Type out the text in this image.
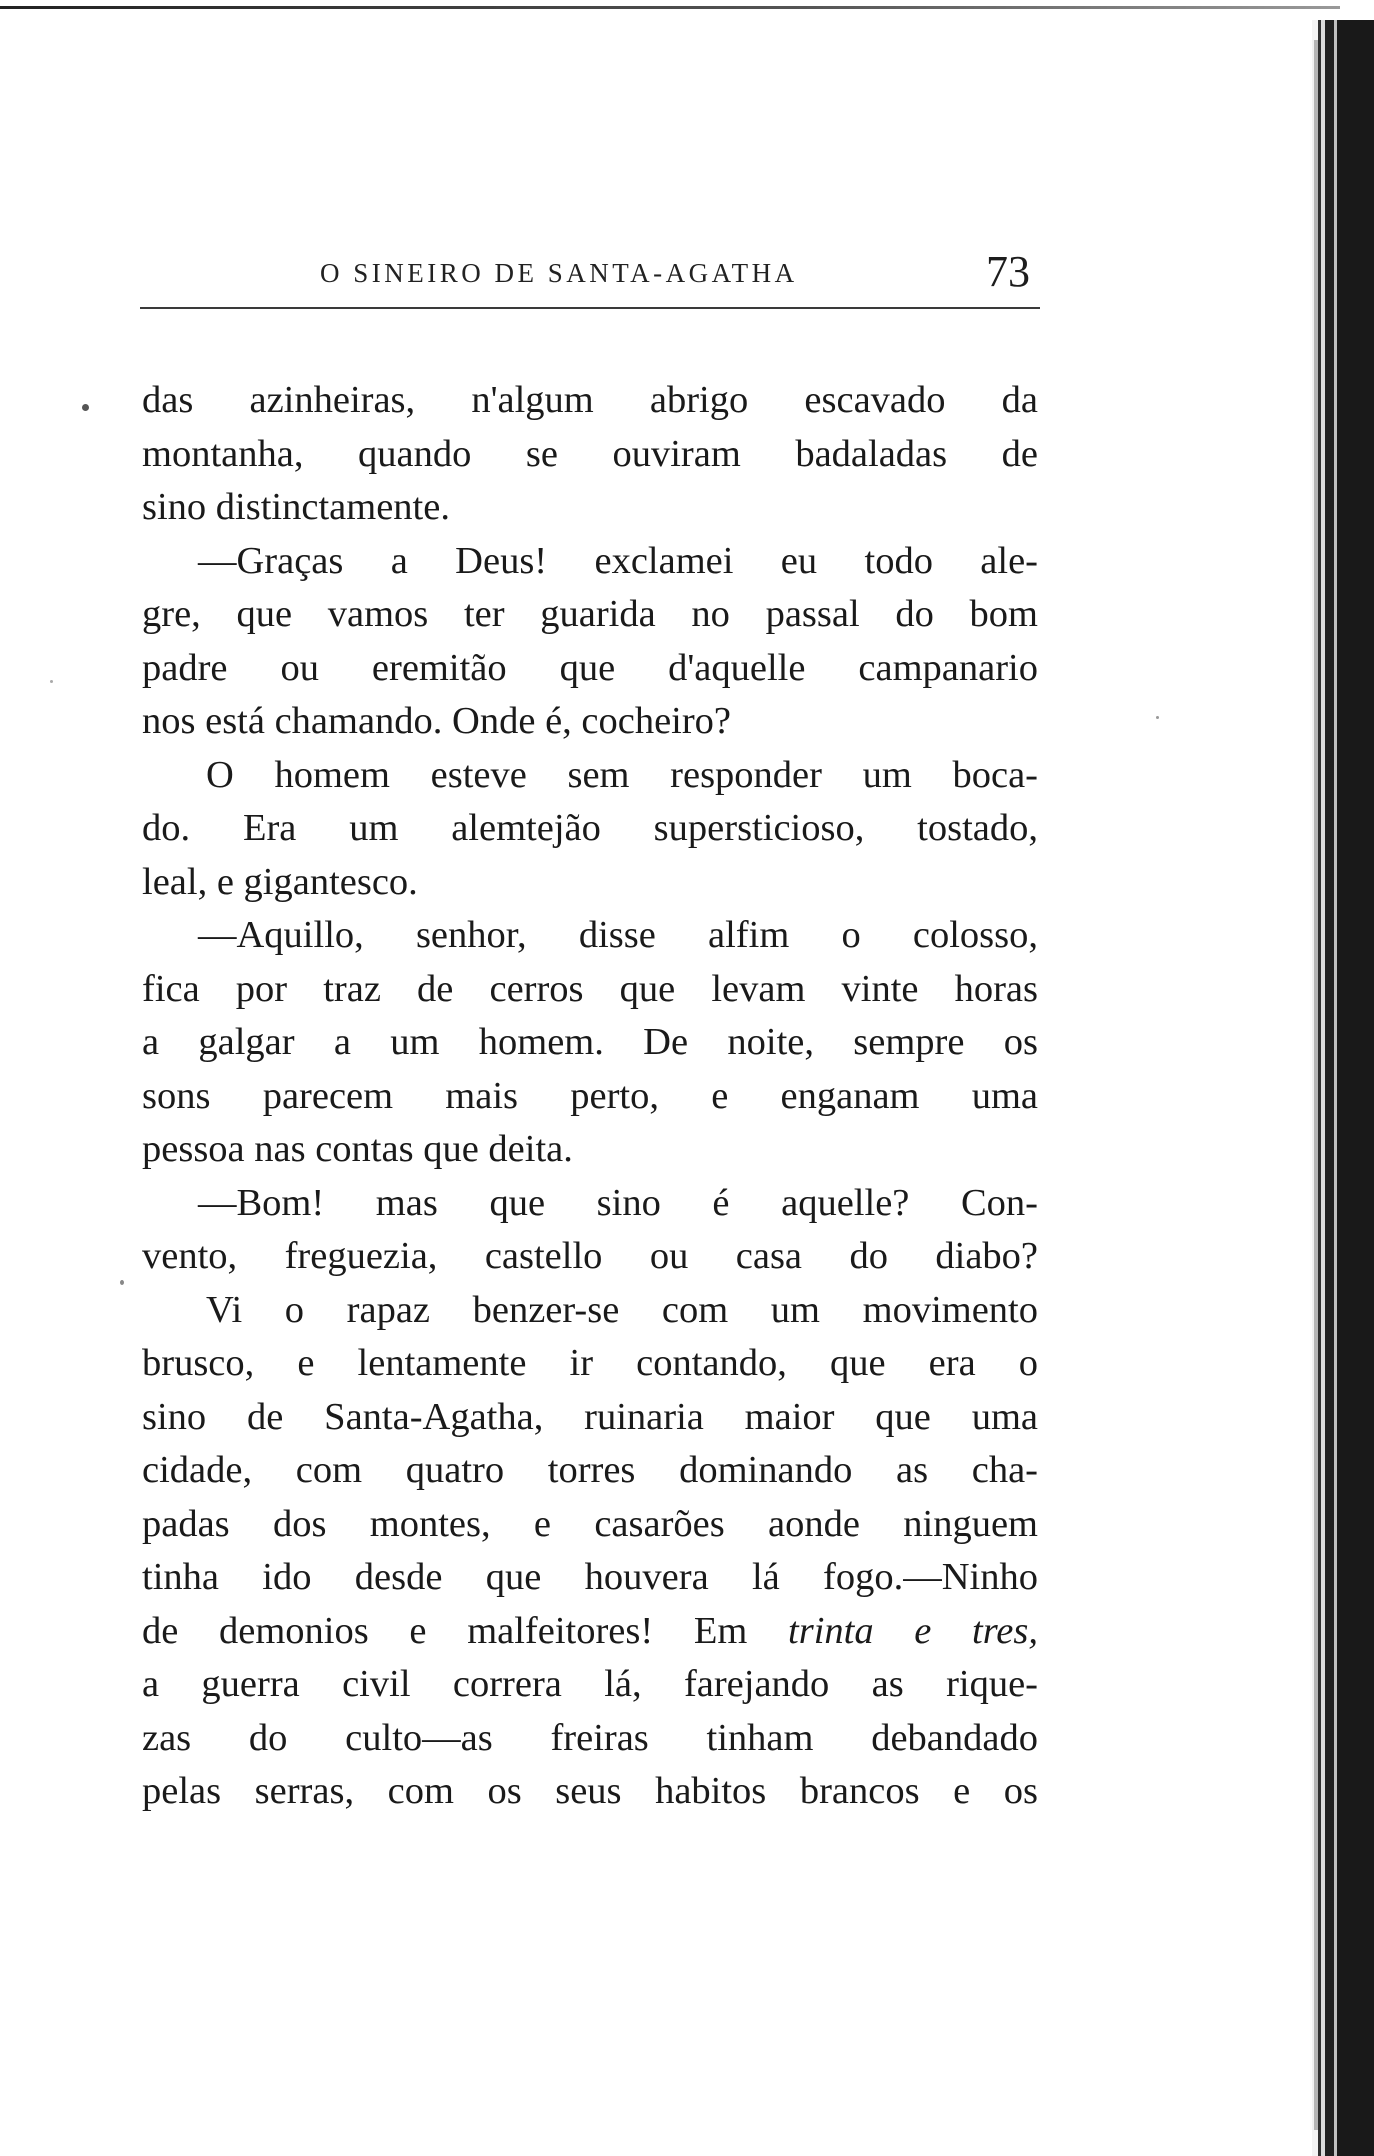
O SINEIRO DE SANTA-AGATHA	73
das azinheiras, n'algum abrigo escavado da
montanha, quando se ouviram badaladas de
sino distinctamente.
—Graças a Deus! exclamei eu todo ale-
gre, que vamos ter guarida no passal do bom
padre ou eremitão que d'aquelle campanario
nos está chamando. Onde é, cocheiro?
O homem esteve sem responder um boca-
do. Era um alemtejão supersticioso, tostado,
leal, e gigantesco.
—Aquillo, senhor, disse alfim o colosso,
fica por traz de cerros que levam vinte horas
a galgar a um homem. De noite, sempre os
sons parecem mais perto, e enganam uma
pessoa nas contas que deita.
—Bom! mas que sino é aquelle? Con-
vento, freguezia, castello ou casa do diabo?
Vi o rapaz benzer-se com um movimento
brusco, e lentamente ir contando, que era o
sino de Santa-Agatha, ruinaria maior que uma
cidade, com quatro torres dominando as cha-
padas dos montes, e casarões aonde ninguem
tinha ido desde que houvera lá fogo.—Ninho
de demonios e malfeitores! Em trinta e tres,
a guerra civil correra lá, farejando as rique-
zas do culto—as freiras tinham debandado
pelas serras, com os seus habitos brancos e os
